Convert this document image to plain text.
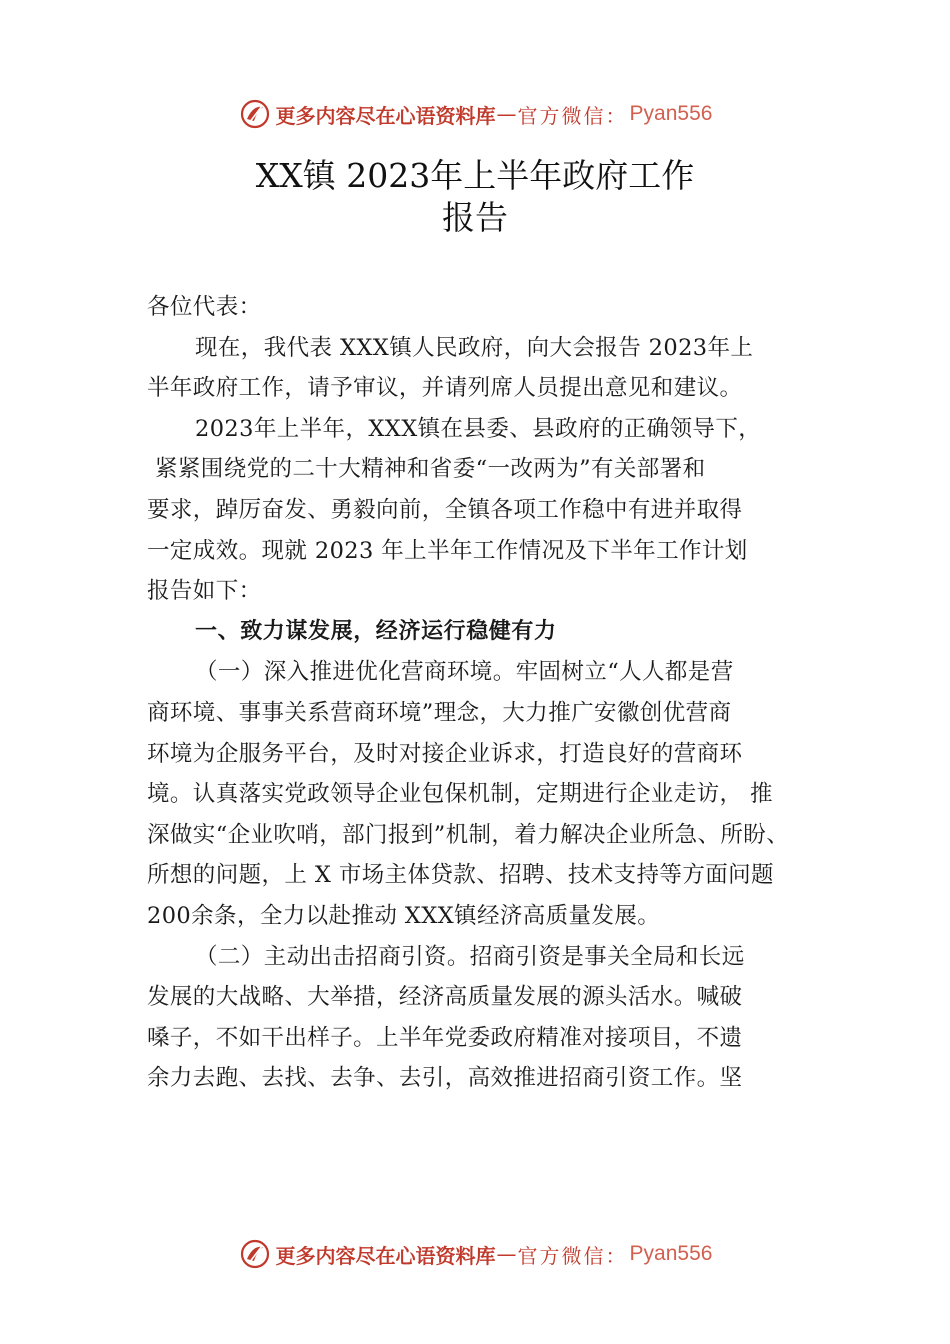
更多内容尽在心语资料库 — 官方微信： Pyan556
XX镇 2023年上半年政府工作
报告
各位代表：
现在，我代表 XXX镇人民政府，向大会报告 2023年上
半年政府工作，请予审议，并请列席人员提出意见和建议。
2023年上半年，XXX镇在县委、县政府的正确领导下，
紧紧围绕党的二十大精神和省委“一改两为”有关部署和
要求，踔厉奋发、勇毅向前，全镇各项工作稳中有进并取得
一定成效。现就 2023 年上半年工作情况及下半年工作计划
报告如下：
一、致力谋发展，经济运行稳健有力
（一）深入推进优化营商环境。牢固树立“人人都是营
商环境、事事关系营商环境”理念，大力推广安徽创优营商
环境为企服务平台，及时对接企业诉求，打造良好的营商环
境。认真落实党政领导企业包保机制，定期进行企业走访， 推
深做实“企业吹哨，部门报到”机制，着力解决企业所急、所盼、
所想的问题，上 X 市场主体贷款、招聘、技术支持等方面问题
200余条，全力以赴推动 XXX镇经济高质量发展。
（二）主动出击招商引资。招商引资是事关全局和长远
发展的大战略、大举措，经济高质量发展的源头活水。喊破
嗓子，不如干出样子。上半年党委政府精准对接项目，不遗
余力去跑、去找、去争、去引，高效推进招商引资工作。坚
更多内容尽在心语资料库 — 官方微信： Pyan556
